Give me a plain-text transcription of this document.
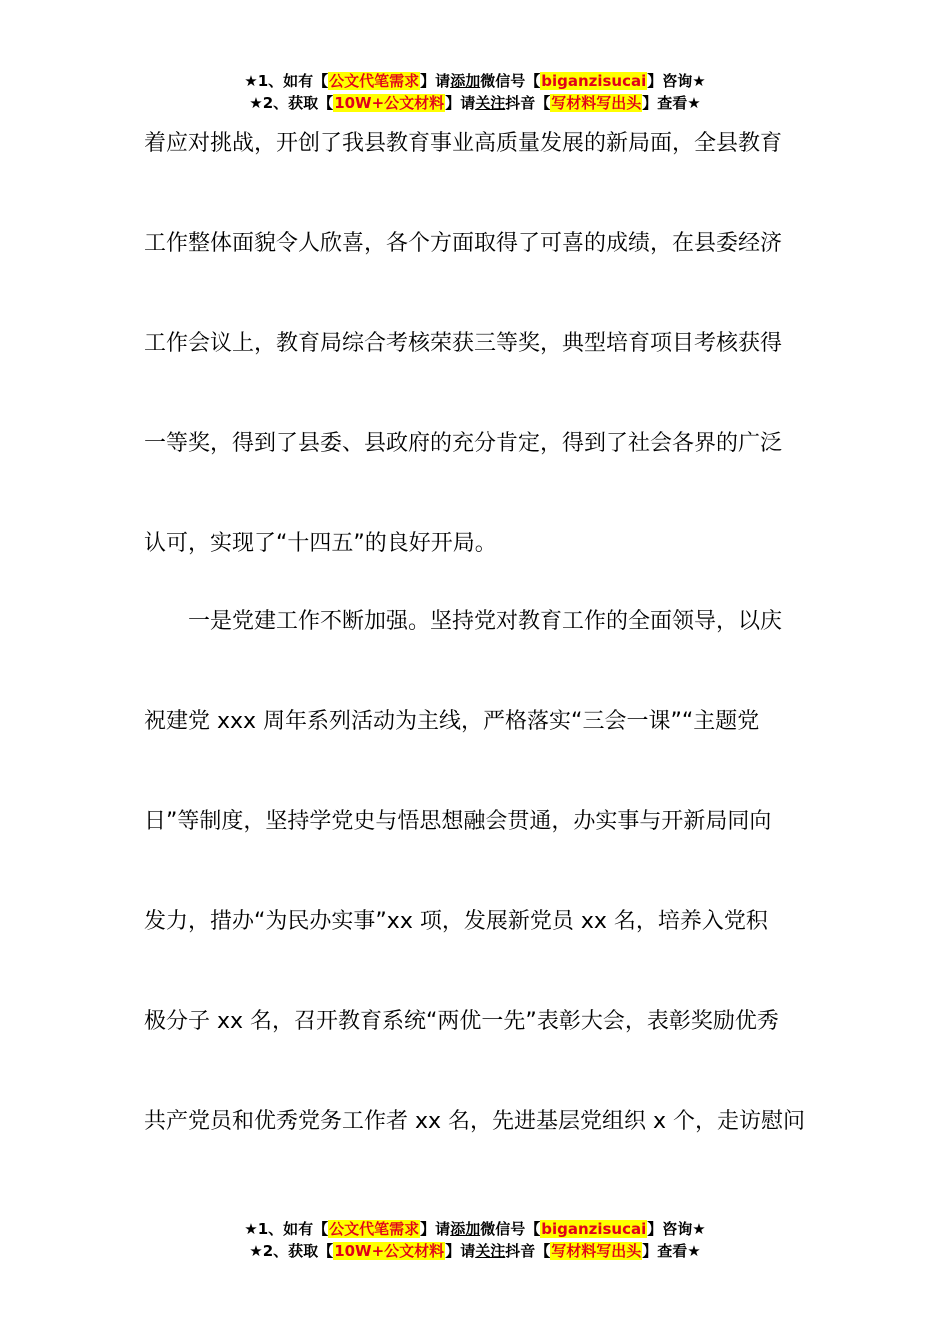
★1、如有【公文代笔需求】请添加微信号【biganzisucai】咨询★
★2、获取【10W+公文材料】请关注抖音【写材料写出头】查看★
着应对挑战，开创了我县教育事业高质量发展的新局面，全县教育
工作整体面貌令人欣喜，各个方面取得了可喜的成绩，在县委经济
工作会议上，教育局综合考核荣获三等奖，典型培育项目考核获得
一等奖，得到了县委、县政府的充分肯定，得到了社会各界的广泛
认可，实现了“十四五”的良好开局。
一是党建工作不断加强。坚持党对教育工作的全面领导，以庆
祝建党 xxx 周年系列活动为主线，严格落实“三会一课”“主题党
日”等制度，坚持学党史与悟思想融会贯通，办实事与开新局同向
发力，措办“为民办实事”xx 项，发展新党员 xx 名，培养入党积
极分子 xx 名，召开教育系统“两优一先”表彰大会，表彰奖励优秀
共产党员和优秀党务工作者 xx 名，先进基层党组织 x 个，走访慰问
★1、如有【公文代笔需求】请添加微信号【biganzisucai】咨询★
★2、获取【10W+公文材料】请关注抖音【写材料写出头】查看★
